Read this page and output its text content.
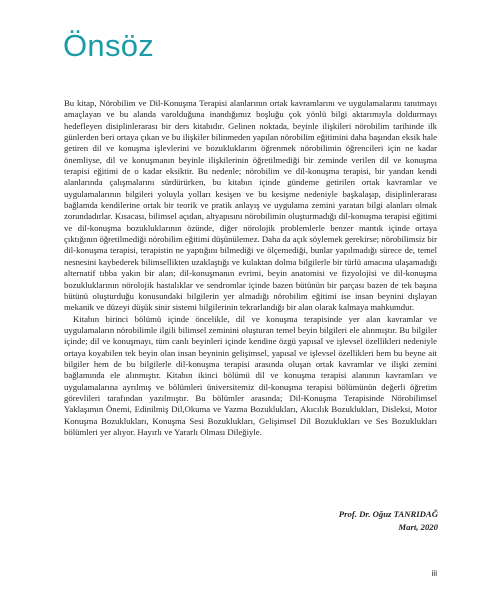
Önsöz

Bu kitap, Nörobilim ve Dil-Konuşma Terapisi alanlarının ortak kavramlarını ve uygulamalarını tanıtmayı amaçlayan ve bu alanda varolduğuna inandığımız boşluğu çok yönlü bilgi aktarımıyla doldurmayı hedefleyen disiplinlerarası bir ders kitabıdır. Gelinen noktada, beyinle ilişkileri nörobilim tarihinde ilk günlerden beri ortaya çıkan ve bu ilişkiler bilinmeden yapılan nörobilim eğitimini daha başından eksik hale getiren dil ve konuşma işlevlerini ve bozukluklarını öğrenmek nörobilimin öğrencileri için ne kadar önemliyse, dil ve konuşmanın beyinle ilişkilerinin öğretilmediği bir zeminde verilen dil ve konuşma terapisi eğitimi de o kadar eksiktir. Bu nedenle; nörobilim ve dil-konuşma terapisi, bir yandan kendi alanlarında çalışmalarını sürdürürken, bu kitabın içinde gündeme getirilen ortak kavramlar ve uygulamalarının bilgileri yoluyla yolları kesişen ve bu kesişme nedeniyle başkalaşıp, disiplinlerarası bağlamda kendilerine ortak bir teorik ve pratik anlayış ve uygulama zemini yaratan bilgi alanları olmak zorundadırlar. Kısacası, bilimsel açıdan, altyapısını nörobilimin oluşturmadığı dil-konuşma terapisi eğitimi ve dil-konuşma bozukluklarının özünde, diğer nörolojik problemlerle benzer mantık içinde ortaya çıktığının öğretilmediği nörobilim eğitimi düşünülemez. Daha da açık söylemek gerekirse; nörobilimsiz bir dil-konuşma terapisi, terapistin ne yaptığını bilmediği ve ölçemediği, bunlar yapılmadığı sürece de, temel nesnesini kaybederek bilimsellikten uzaklaştığı ve kulaktan dolma bilgilerle bir türlü amacına ulaşamadığı alternatif tıbba yakın bir alan; dil-konuşmanın evrimi, beyin anatomisi ve fizyolojisi ve dil-konuşma bozukluklarının nörolojik hastalıklar ve sendromlar içinde bazen bütünün bir parçası bazen de tek başına bütünü oluşturduğu konusundaki bilgilerin yer almadığı nörobilim eğitimi ise insan beynini dışlayan mekanik ve düzeyi düşük sinir sistemi bilgilerinin tekrarlandığı bir alan olarak kalmaya mahkumdur.

Kitabın birinci bölümü içinde öncelikle, dil ve konuşma terapisinde yer alan kavramlar ve uygulamaların nörobilimle ilgili bilimsel zeminini oluşturan temel beyin bilgileri ele alınmıştır. Bu bilgiler içinde; dil ve konuşmayı, tüm canlı beyinleri içinde kendine özgü yapısal ve işlevsel özellikleri nedeniyle ortaya koyabilen tek beyin olan insan beyninin gelişimsel, yapısal ve işlevsel özellikleri hem bu beyne ait bilgiler hem de bu bilgilerle dil-konuşma terapisi arasında oluşan ortak kavramlar ve ilişki zemini bağlamında ele alınmıştır. Kitabın ikinci bölümü dil ve konuşma terapisi alanının kavramları ve uygulamalarına ayrılmış ve bölümleri üniversitemiz dil-konuşma terapisi bölümünün değerli öğretim görevlileri tarafından yazılmıştır. Bu bölümler arasında; Dil-Konuşma Terapisinde Nörobilimsel Yaklaşımın Önemi, Edinilmiş Dil,Okuma ve Yazma Bozuklukları, Akıcılık Bozuklukları, Disleksi, Motor Konuşma Bozuklukları, Konuşma Sesi Bozuklukları, Gelişimsel Dil Bozuklukları ve Ses Bozuklukları bölümleri yer alıyor. Hayırlı ve Yararlı Olması Dileğiyle.

Prof. Dr. Oğuz TANRIDAĞ
Mart, 2020
iii
